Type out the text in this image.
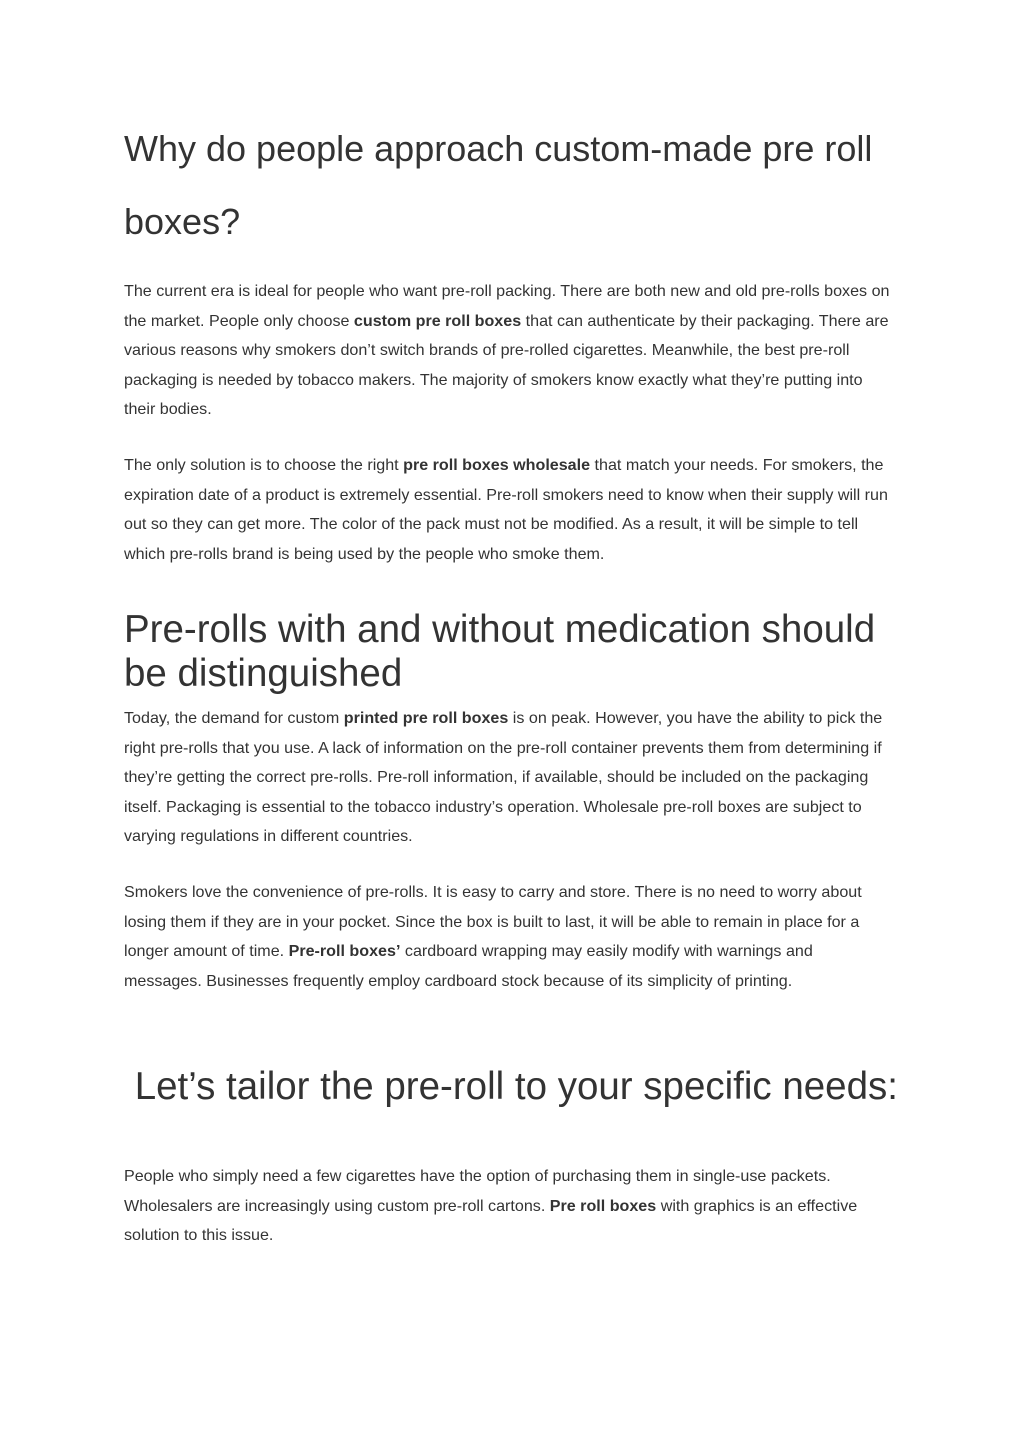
Why do people approach custom-made pre roll boxes?

The current era is ideal for people who want pre-roll packing. There are both new and old pre-rolls boxes on the market. People only choose custom pre roll boxes that can authenticate by their packaging. There are various reasons why smokers don’t switch brands of pre-rolled cigarettes. Meanwhile, the best pre-roll packaging is needed by tobacco makers. The majority of smokers know exactly what they’re putting into their bodies.

The only solution is to choose the right pre roll boxes wholesale that match your needs. For smokers, the expiration date of a product is extremely essential. Pre-roll smokers need to know when their supply will run out so they can get more. The color of the pack must not be modified. As a result, it will be simple to tell which pre-rolls brand is being used by the people who smoke them.

Pre-rolls with and without medication should be distinguished

Today, the demand for custom printed pre roll boxes is on peak. However, you have the ability to pick the right pre-rolls that you use. A lack of information on the pre-roll container prevents them from determining if they’re getting the correct pre-rolls. Pre-roll information, if available, should be included on the packaging itself. Packaging is essential to the tobacco industry’s operation. Wholesale pre-roll boxes are subject to varying regulations in different countries.

Smokers love the convenience of pre-rolls. It is easy to carry and store. There is no need to worry about losing them if they are in your pocket. Since the box is built to last, it will be able to remain in place for a longer amount of time. Pre-roll boxes’ cardboard wrapping may easily modify with warnings and messages. Businesses frequently employ cardboard stock because of its simplicity of printing.

Let’s tailor the pre-roll to your specific needs:

People who simply need a few cigarettes have the option of purchasing them in single-use packets. Wholesalers are increasingly using custom pre-roll cartons. Pre roll boxes with graphics is an effective solution to this issue.
